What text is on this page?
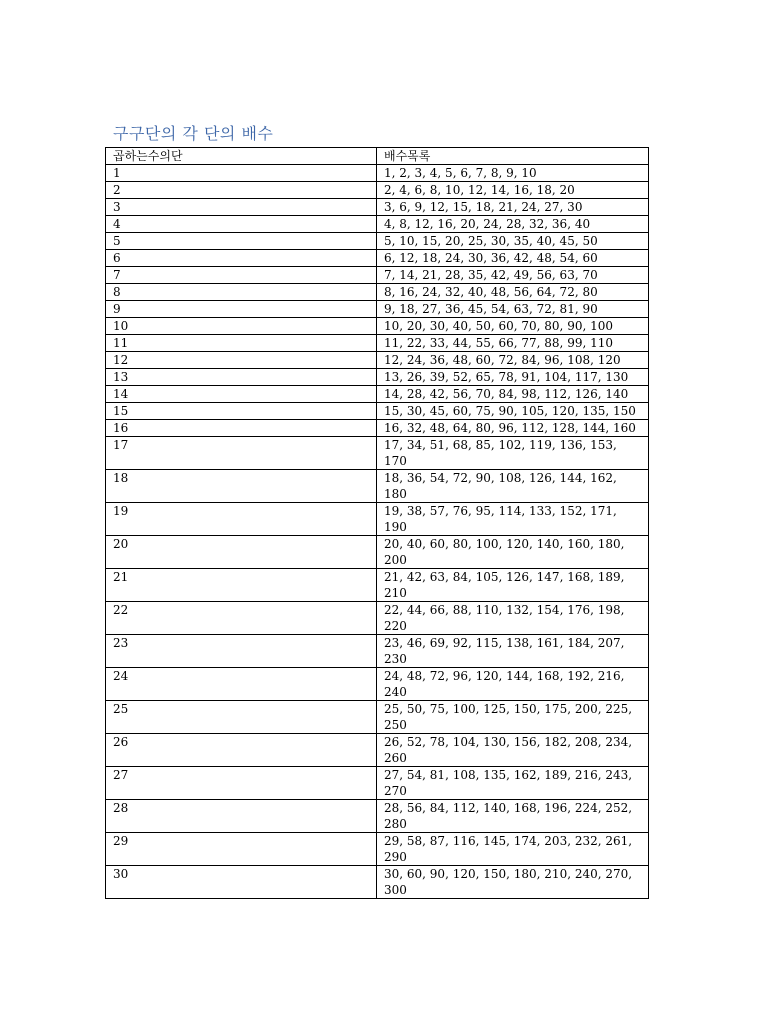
구구단의 각 단의 배수
곱하는수의단	배수목록
1	1, 2, 3, 4, 5, 6, 7, 8, 9, 10

2	2, 4, 6, 8, 10, 12, 14, 16, 18, 20

3	3, 6, 9, 12, 15, 18, 21, 24, 27, 30

4	4, 8, 12, 16, 20, 24, 28, 32, 36, 40

5	5, 10, 15, 20, 25, 30, 35, 40, 45, 50

6	6, 12, 18, 24, 30, 36, 42, 48, 54, 60

7	7, 14, 21, 28, 35, 42, 49, 56, 63, 70

8	8, 16, 24, 32, 40, 48, 56, 64, 72, 80

9	9, 18, 27, 36, 45, 54, 63, 72, 81, 90

10	10, 20, 30, 40, 50, 60, 70, 80, 90, 100

11	11, 22, 33, 44, 55, 66, 77, 88, 99, 110

12	12, 24, 36, 48, 60, 72, 84, 96, 108, 120

13	13, 26, 39, 52, 65, 78, 91, 104, 117, 130

14	14, 28, 42, 56, 70, 84, 98, 112, 126, 140

15	15, 30, 45, 60, 75, 90, 105, 120, 135, 150

16	16, 32, 48, 64, 80, 96, 112, 128, 144, 160

17	17, 34, 51, 68, 85, 102, 119, 136, 153, 170

18	18, 36, 54, 72, 90, 108, 126, 144, 162, 180

19	19, 38, 57, 76, 95, 114, 133, 152, 171, 190

20	20, 40, 60, 80, 100, 120, 140, 160, 180, 200

21	21, 42, 63, 84, 105, 126, 147, 168, 189, 210

22	22, 44, 66, 88, 110, 132, 154, 176, 198, 220

23	23, 46, 69, 92, 115, 138, 161, 184, 207, 230

24	24, 48, 72, 96, 120, 144, 168, 192, 216, 240

25	25, 50, 75, 100, 125, 150, 175, 200, 225, 250

26	26, 52, 78, 104, 130, 156, 182, 208, 234, 260

27	27, 54, 81, 108, 135, 162, 189, 216, 243, 270

28	28, 56, 84, 112, 140, 168, 196, 224, 252, 280

29	29, 58, 87, 116, 145, 174, 203, 232, 261, 290

30	30, 60, 90, 120, 150, 180, 210, 240, 270, 300
